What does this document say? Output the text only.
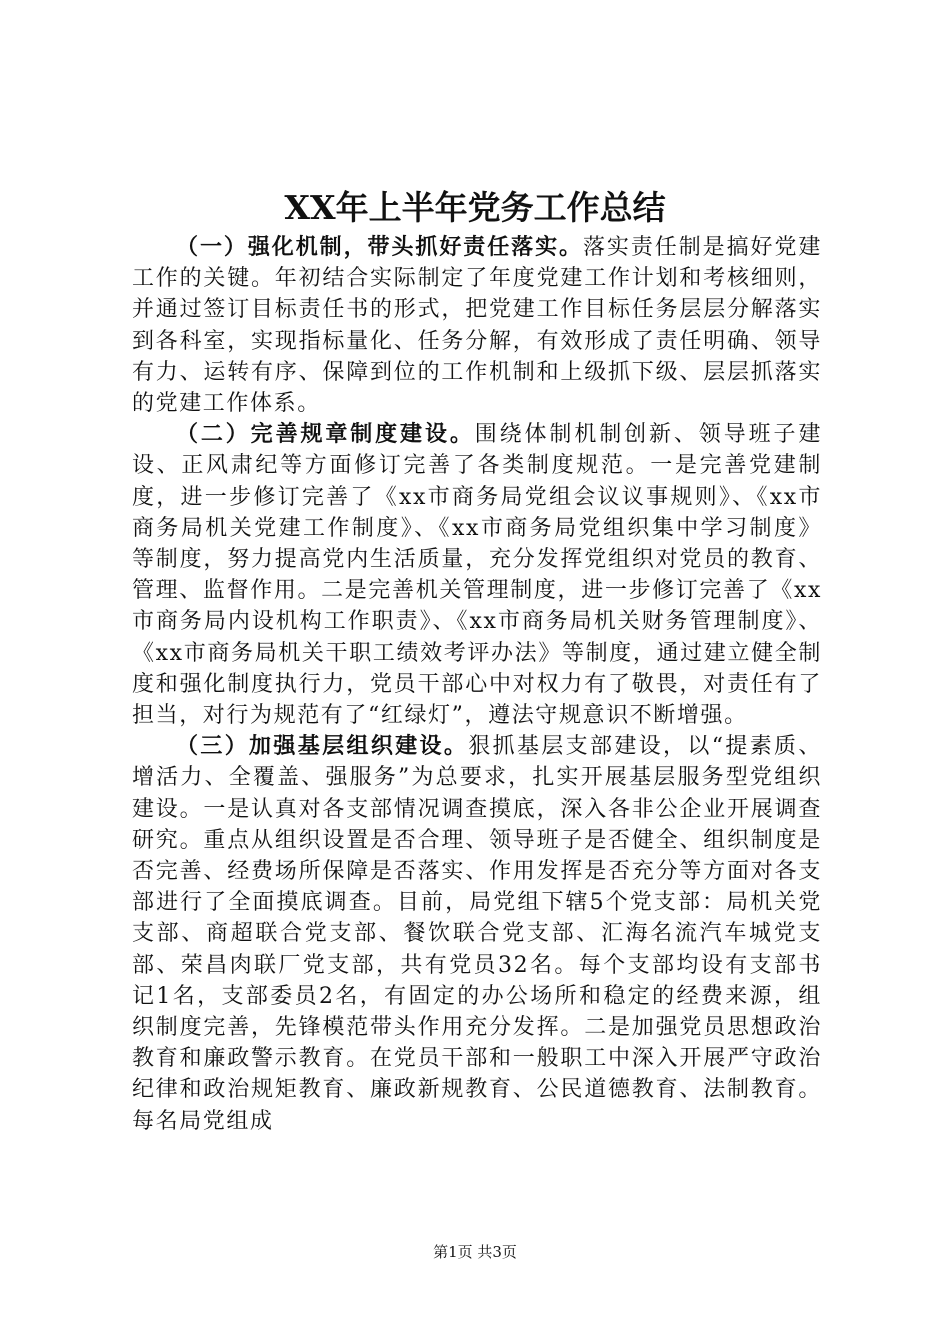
XX年上半年党务工作总结

（一）强化机制，带头抓好责任落实。落实责任制是搞好党建工作的关键。年初结合实际制定了年度党建工作计划和考核细则，并通过签订目标责任书的形式，把党建工作目标任务层层分解落实到各科室，实现指标量化、任务分解，有效形成了责任明确、领导有力、运转有序、保障到位的工作机制和上级抓下级、层层抓落实的党建工作体系。

（二）完善规章制度建设。围绕体制机制创新、领导班子建设、正风肃纪等方面修订完善了各类制度规范。一是完善党建制度，进一步修订完善了《xx市商务局党组会议议事规则》、《xx市商务局机关党建工作制度》、《xx市商务局党组织集中学习制度》等制度，努力提高党内生活质量，充分发挥党组织对党员的教育、管理、监督作用。二是完善机关管理制度，进一步修订完善了《xx市商务局内设机构工作职责》、《xx市商务局机关财务管理制度》、《xx市商务局机关干职工绩效考评办法》等制度，通过建立健全制度和强化制度执行力，党员干部心中对权力有了敬畏，对责任有了担当，对行为规范有了“红绿灯”，遵法守规意识不断增强。

（三）加强基层组织建设。狠抓基层支部建设，以“提素质、增活力、全覆盖、强服务”为总要求，扎实开展基层服务型党组织建设。一是认真对各支部情况调查摸底，深入各非公企业开展调查研究。重点从组织设置是否合理、领导班子是否健全、组织制度是否完善、经费场所保障是否落实、作用发挥是否充分等方面对各支部进行了全面摸底调查。目前，局党组下辖5个党支部：局机关党支部、商超联合党支部、餐饮联合党支部、汇海名流汽车城党支部、荣昌肉联厂党支部，共有党员32名。每个支部均设有支部书记1名，支部委员2名，有固定的办公场所和稳定的经费来源，组织制度完善，先锋模范带头作用充分发挥。二是加强党员思想政治教育和廉政警示教育。在党员干部和一般职工中深入开展严守政治纪律和政治规矩教育、廉政新规教育、公民道德教育、法制教育。每名局党组成

第1页 共3页
